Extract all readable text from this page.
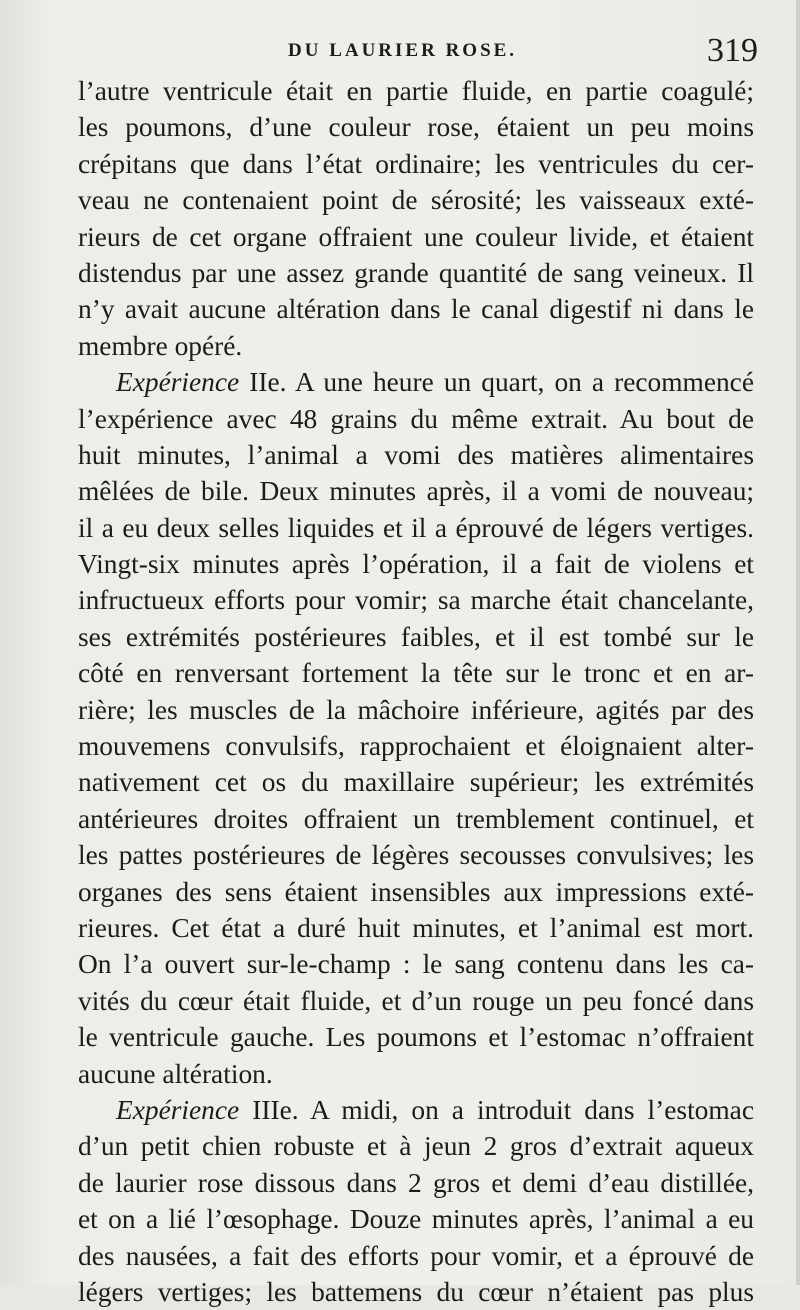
DU LAURIER ROSE.	319
l’autre ventricule était en partie fluide, en partie coagulé;
les poumons, d’une couleur rose, étaient un peu moins
crépitans que dans l’état ordinaire; les ventricules du cer-
veau ne contenaient point de sérosité; les vaisseaux exté-
rieurs de cet organe offraient une couleur livide, et étaient
distendus par une assez grande quantité de sang veineux. Il
n’y avait aucune altération dans le canal digestif ni dans le
membre opéré.
Expérience IIe. A une heure un quart, on a recommencé
l’expérience avec 48 grains du même extrait. Au bout de
huit minutes, l’animal a vomi des matières alimentaires
mêlées de bile. Deux minutes après, il a vomi de nouveau;
il a eu deux selles liquides et il a éprouvé de légers vertiges.
Vingt-six minutes après l’opération, il a fait de violens et
infructueux efforts pour vomir; sa marche était chancelante,
ses extrémités postérieures faibles, et il est tombé sur le
côté en renversant fortement la tête sur le tronc et en ar-
rière; les muscles de la mâchoire inférieure, agités par des
mouvemens convulsifs, rapprochaient et éloignaient alter-
nativement cet os du maxillaire supérieur; les extrémités
antérieures droites offraient un tremblement continuel, et
les pattes postérieures de légères secousses convulsives; les
organes des sens étaient insensibles aux impressions exté-
rieures. Cet état a duré huit minutes, et l’animal est mort.
On l’a ouvert sur-le-champ : le sang contenu dans les ca-
vités du cœur était fluide, et d’un rouge un peu foncé dans
le ventricule gauche. Les poumons et l’estomac n’offraient
aucune altération.
Expérience IIIe. A midi, on a introduit dans l’estomac
d’un petit chien robuste et à jeun 2 gros d’extrait aqueux
de laurier rose dissous dans 2 gros et demi d’eau distillée,
et on a lié l’œsophage. Douze minutes après, l’animal a eu
des nausées, a fait des efforts pour vomir, et a éprouvé de
légers vertiges; les battemens du cœur n’étaient pas plus
